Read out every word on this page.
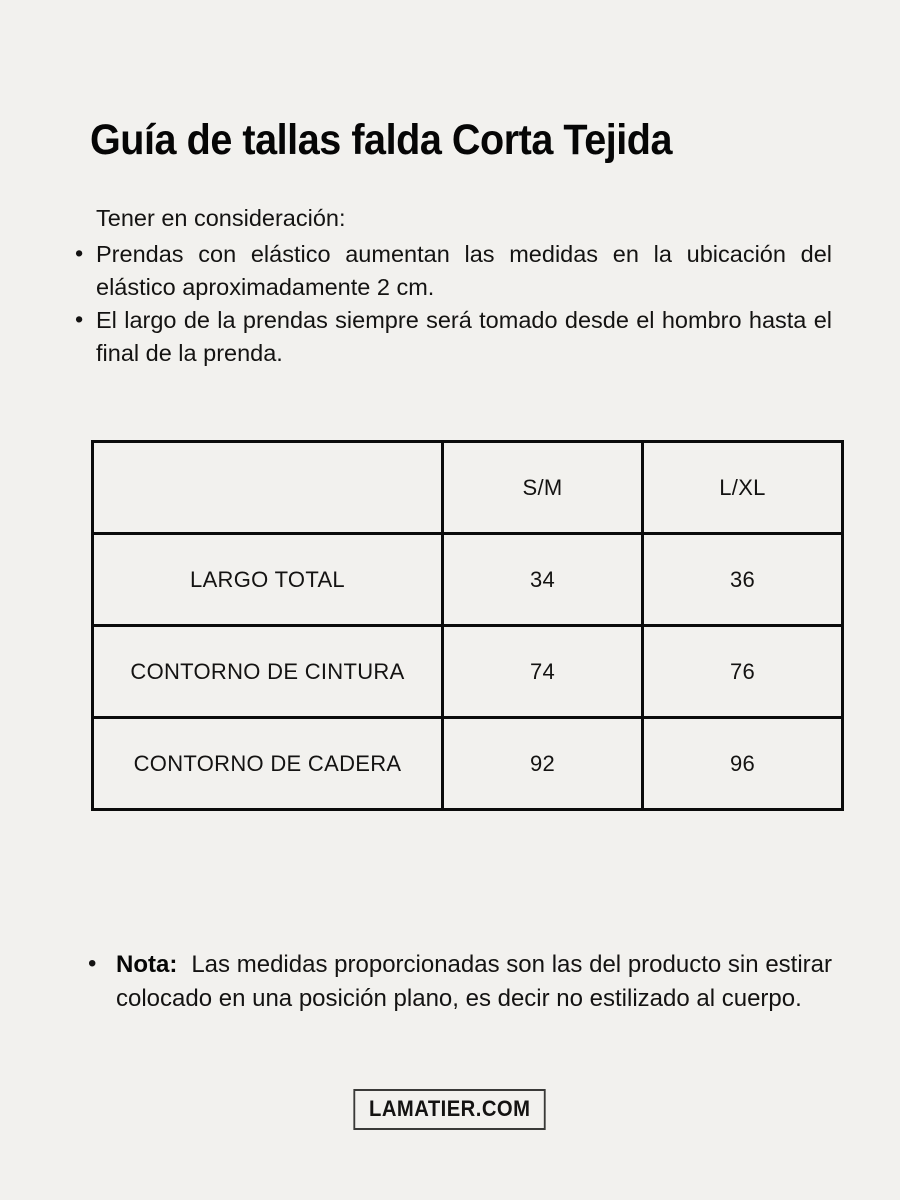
Guía de tallas falda Corta Tejida

Tener en consideración:

• Prendas con elástico aumentan las medidas en la ubicación del elástico aproximadamente 2 cm.
• El largo de la prendas siempre será tomado desde el hombro hasta el final de la prenda.
	S/M	L/XL
LARGO TOTAL	34	36
CONTORNO DE CINTURA	74	76
CONTORNO DE CADERA	92	96

• Nota: Las medidas proporcionadas son las del producto sin estirar colocado en una posición plano, es decir no estilizado al cuerpo.

LAMATIER.COM
